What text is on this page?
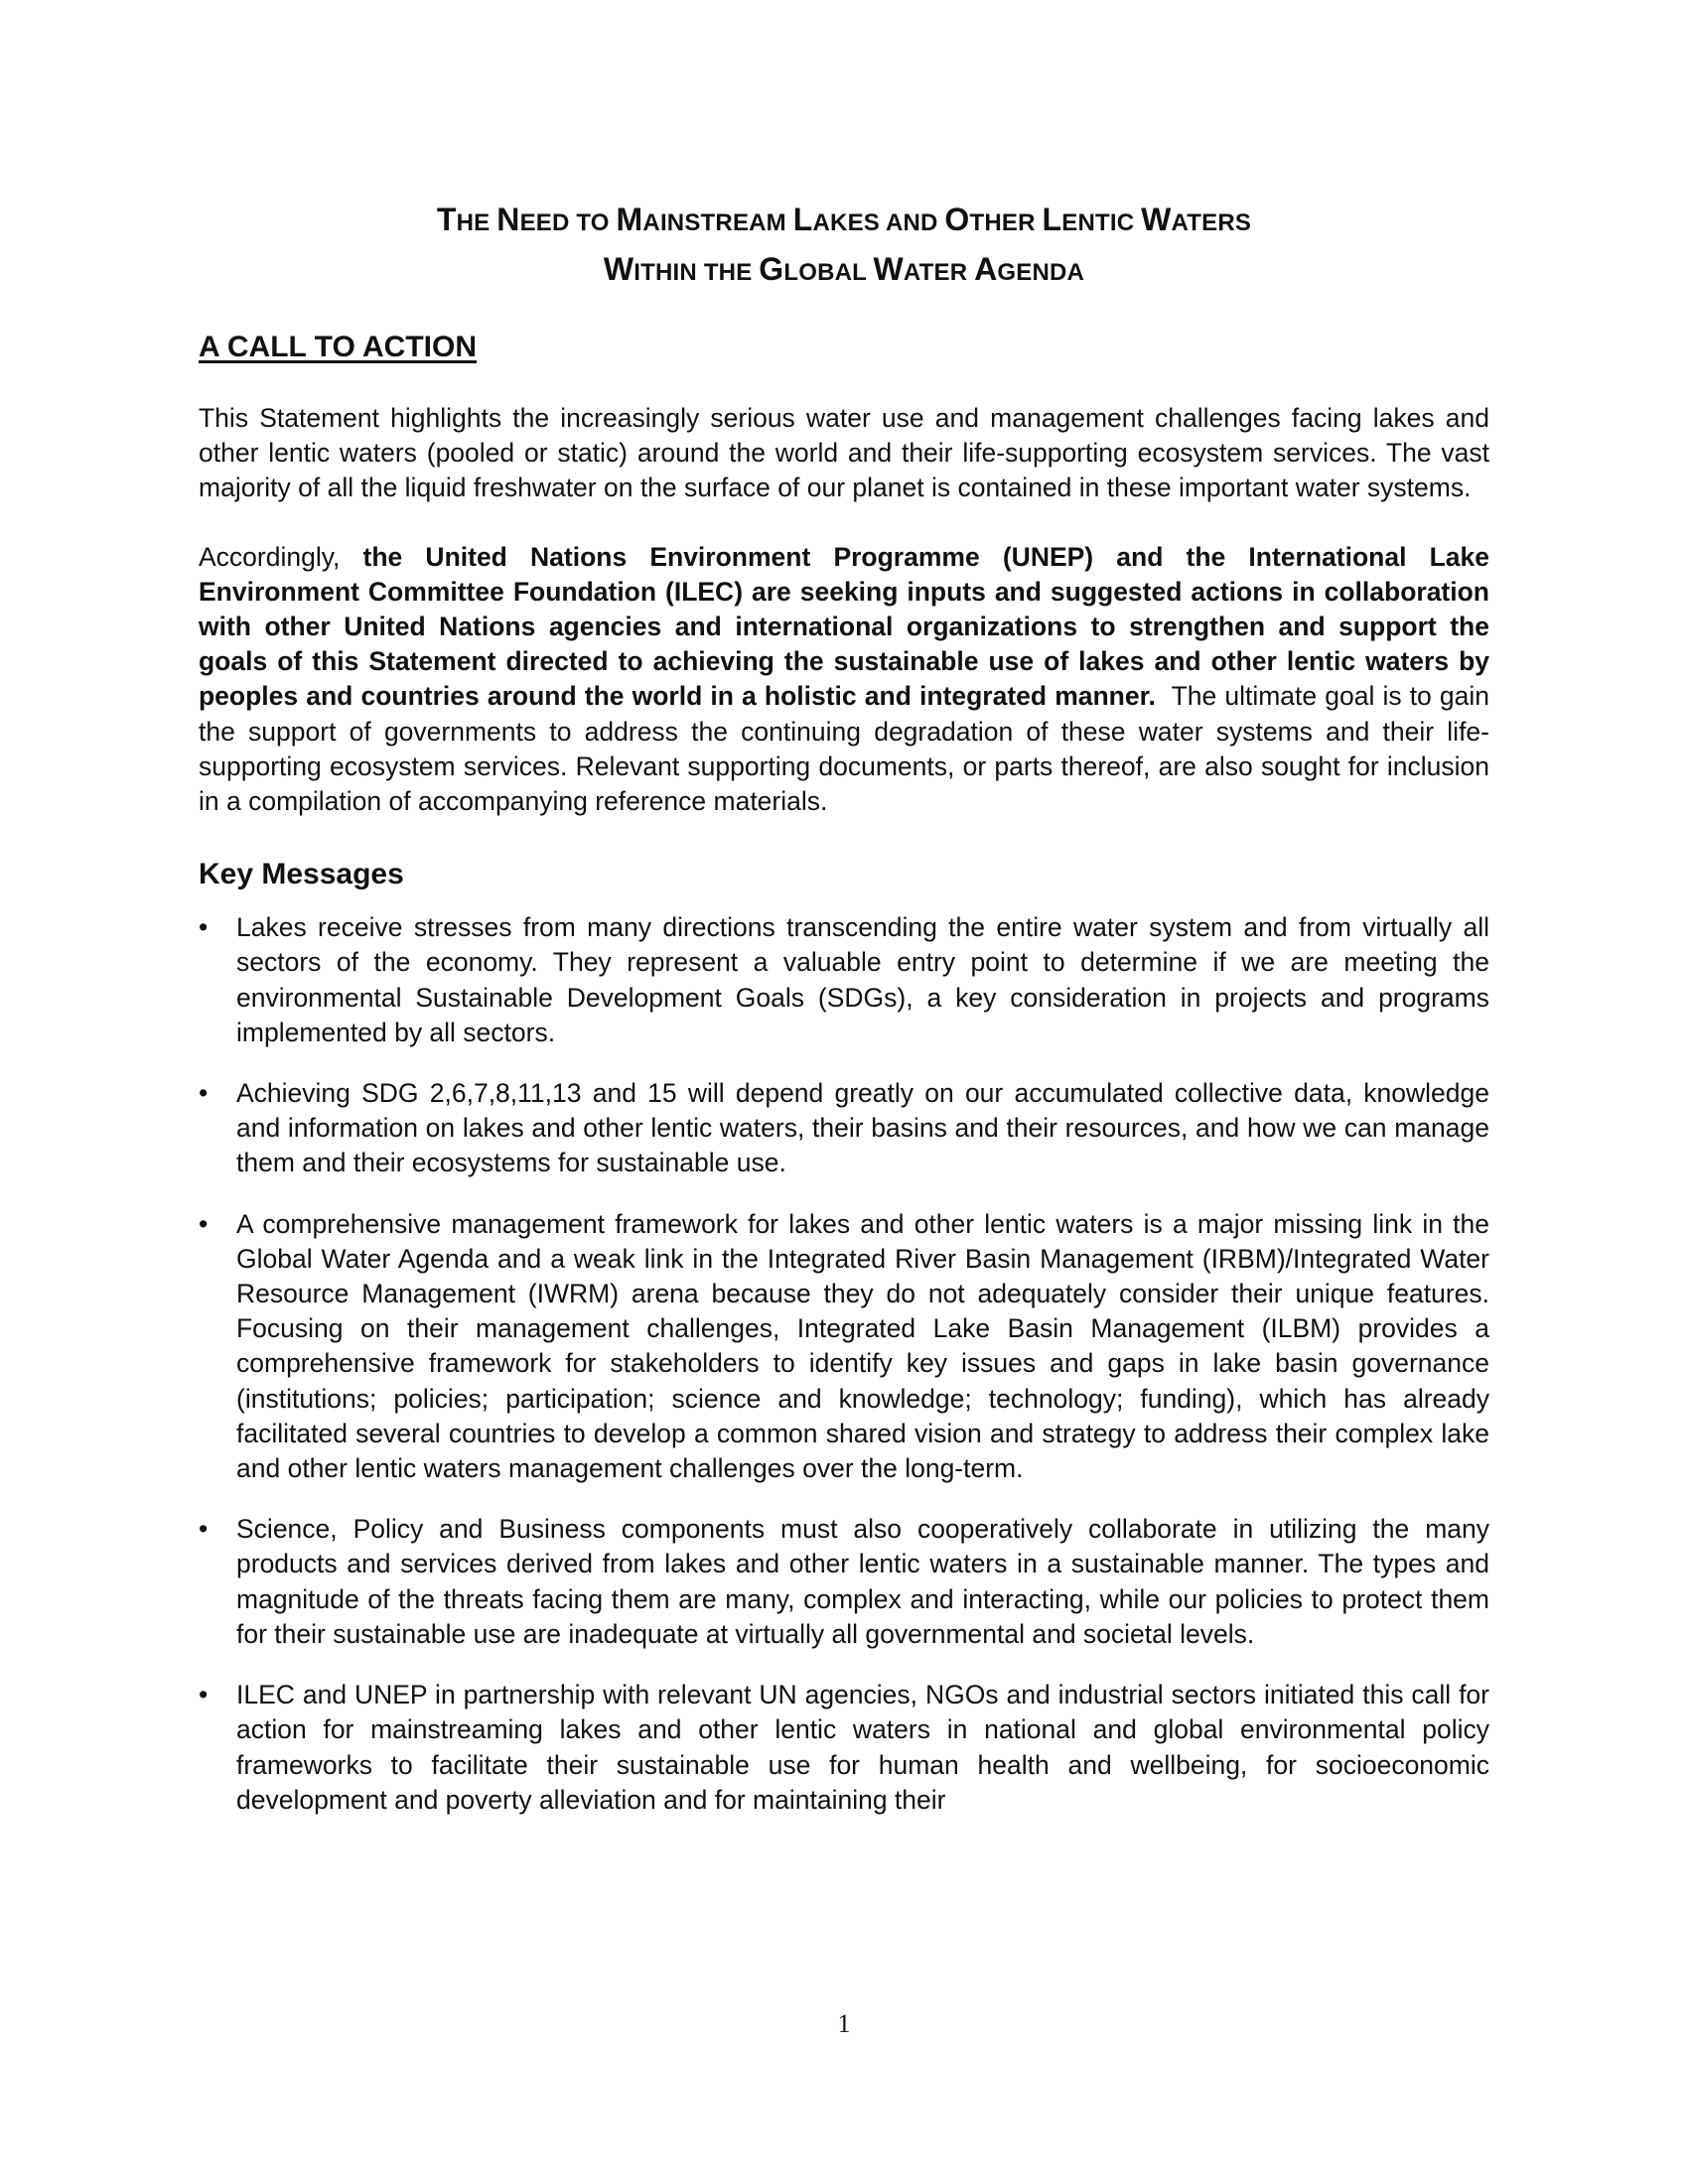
THE NEED TO MAINSTREAM LAKES AND OTHER LENTIC WATERS
WITHIN THE GLOBAL WATER AGENDA
A CALL TO ACTION

This Statement highlights the increasingly serious water use and management challenges facing lakes and other lentic waters (pooled or static) around the world and their life-supporting ecosystem services. The vast majority of all the liquid freshwater on the surface of our planet is contained in these important water systems.

Accordingly, the United Nations Environment Programme (UNEP) and the International Lake Environment Committee Foundation (ILEC) are seeking inputs and suggested actions in collaboration with other United Nations agencies and international organizations to strengthen and support the goals of this Statement directed to achieving the sustainable use of lakes and other lentic waters by peoples and countries around the world in a holistic and integrated manner.  The ultimate goal is to gain the support of governments to address the continuing degradation of these water systems and their life-supporting ecosystem services. Relevant supporting documents, or parts thereof, are also sought for inclusion in a compilation of accompanying reference materials.

Key Messages
•	Lakes receive stresses from many directions transcending the entire water system and from virtually all sectors of the economy. They represent a valuable entry point to determine if we are meeting the environmental Sustainable Development Goals (SDGs), a key consideration in projects and programs implemented by all sectors.
•	Achieving SDG 2,6,7,8,11,13 and 15 will depend greatly on our accumulated collective data, knowledge and information on lakes and other lentic waters, their basins and their resources, and how we can manage them and their ecosystems for sustainable use.
•	A comprehensive management framework for lakes and other lentic waters is a major missing link in the Global Water Agenda and a weak link in the Integrated River Basin Management (IRBM)/Integrated Water Resource Management (IWRM) arena because they do not adequately consider their unique features. Focusing on their management challenges, Integrated Lake Basin Management (ILBM) provides a comprehensive framework for stakeholders to identify key issues and gaps in lake basin governance (institutions; policies; participation; science and knowledge; technology; funding), which has already facilitated several countries to develop a common shared vision and strategy to address their complex lake and other lentic waters management challenges over the long-term.
•	Science, Policy and Business components must also cooperatively collaborate in utilizing the many products and services derived from lakes and other lentic waters in a sustainable manner. The types and magnitude of the threats facing them are many, complex and interacting, while our policies to protect them for their sustainable use are inadequate at virtually all governmental and societal levels.
•	ILEC and UNEP in partnership with relevant UN agencies, NGOs and industrial sectors initiated this call for action for mainstreaming lakes and other lentic waters in national and global environmental policy frameworks to facilitate their sustainable use for human health and wellbeing, for socioeconomic development and poverty alleviation and for maintaining their
1
